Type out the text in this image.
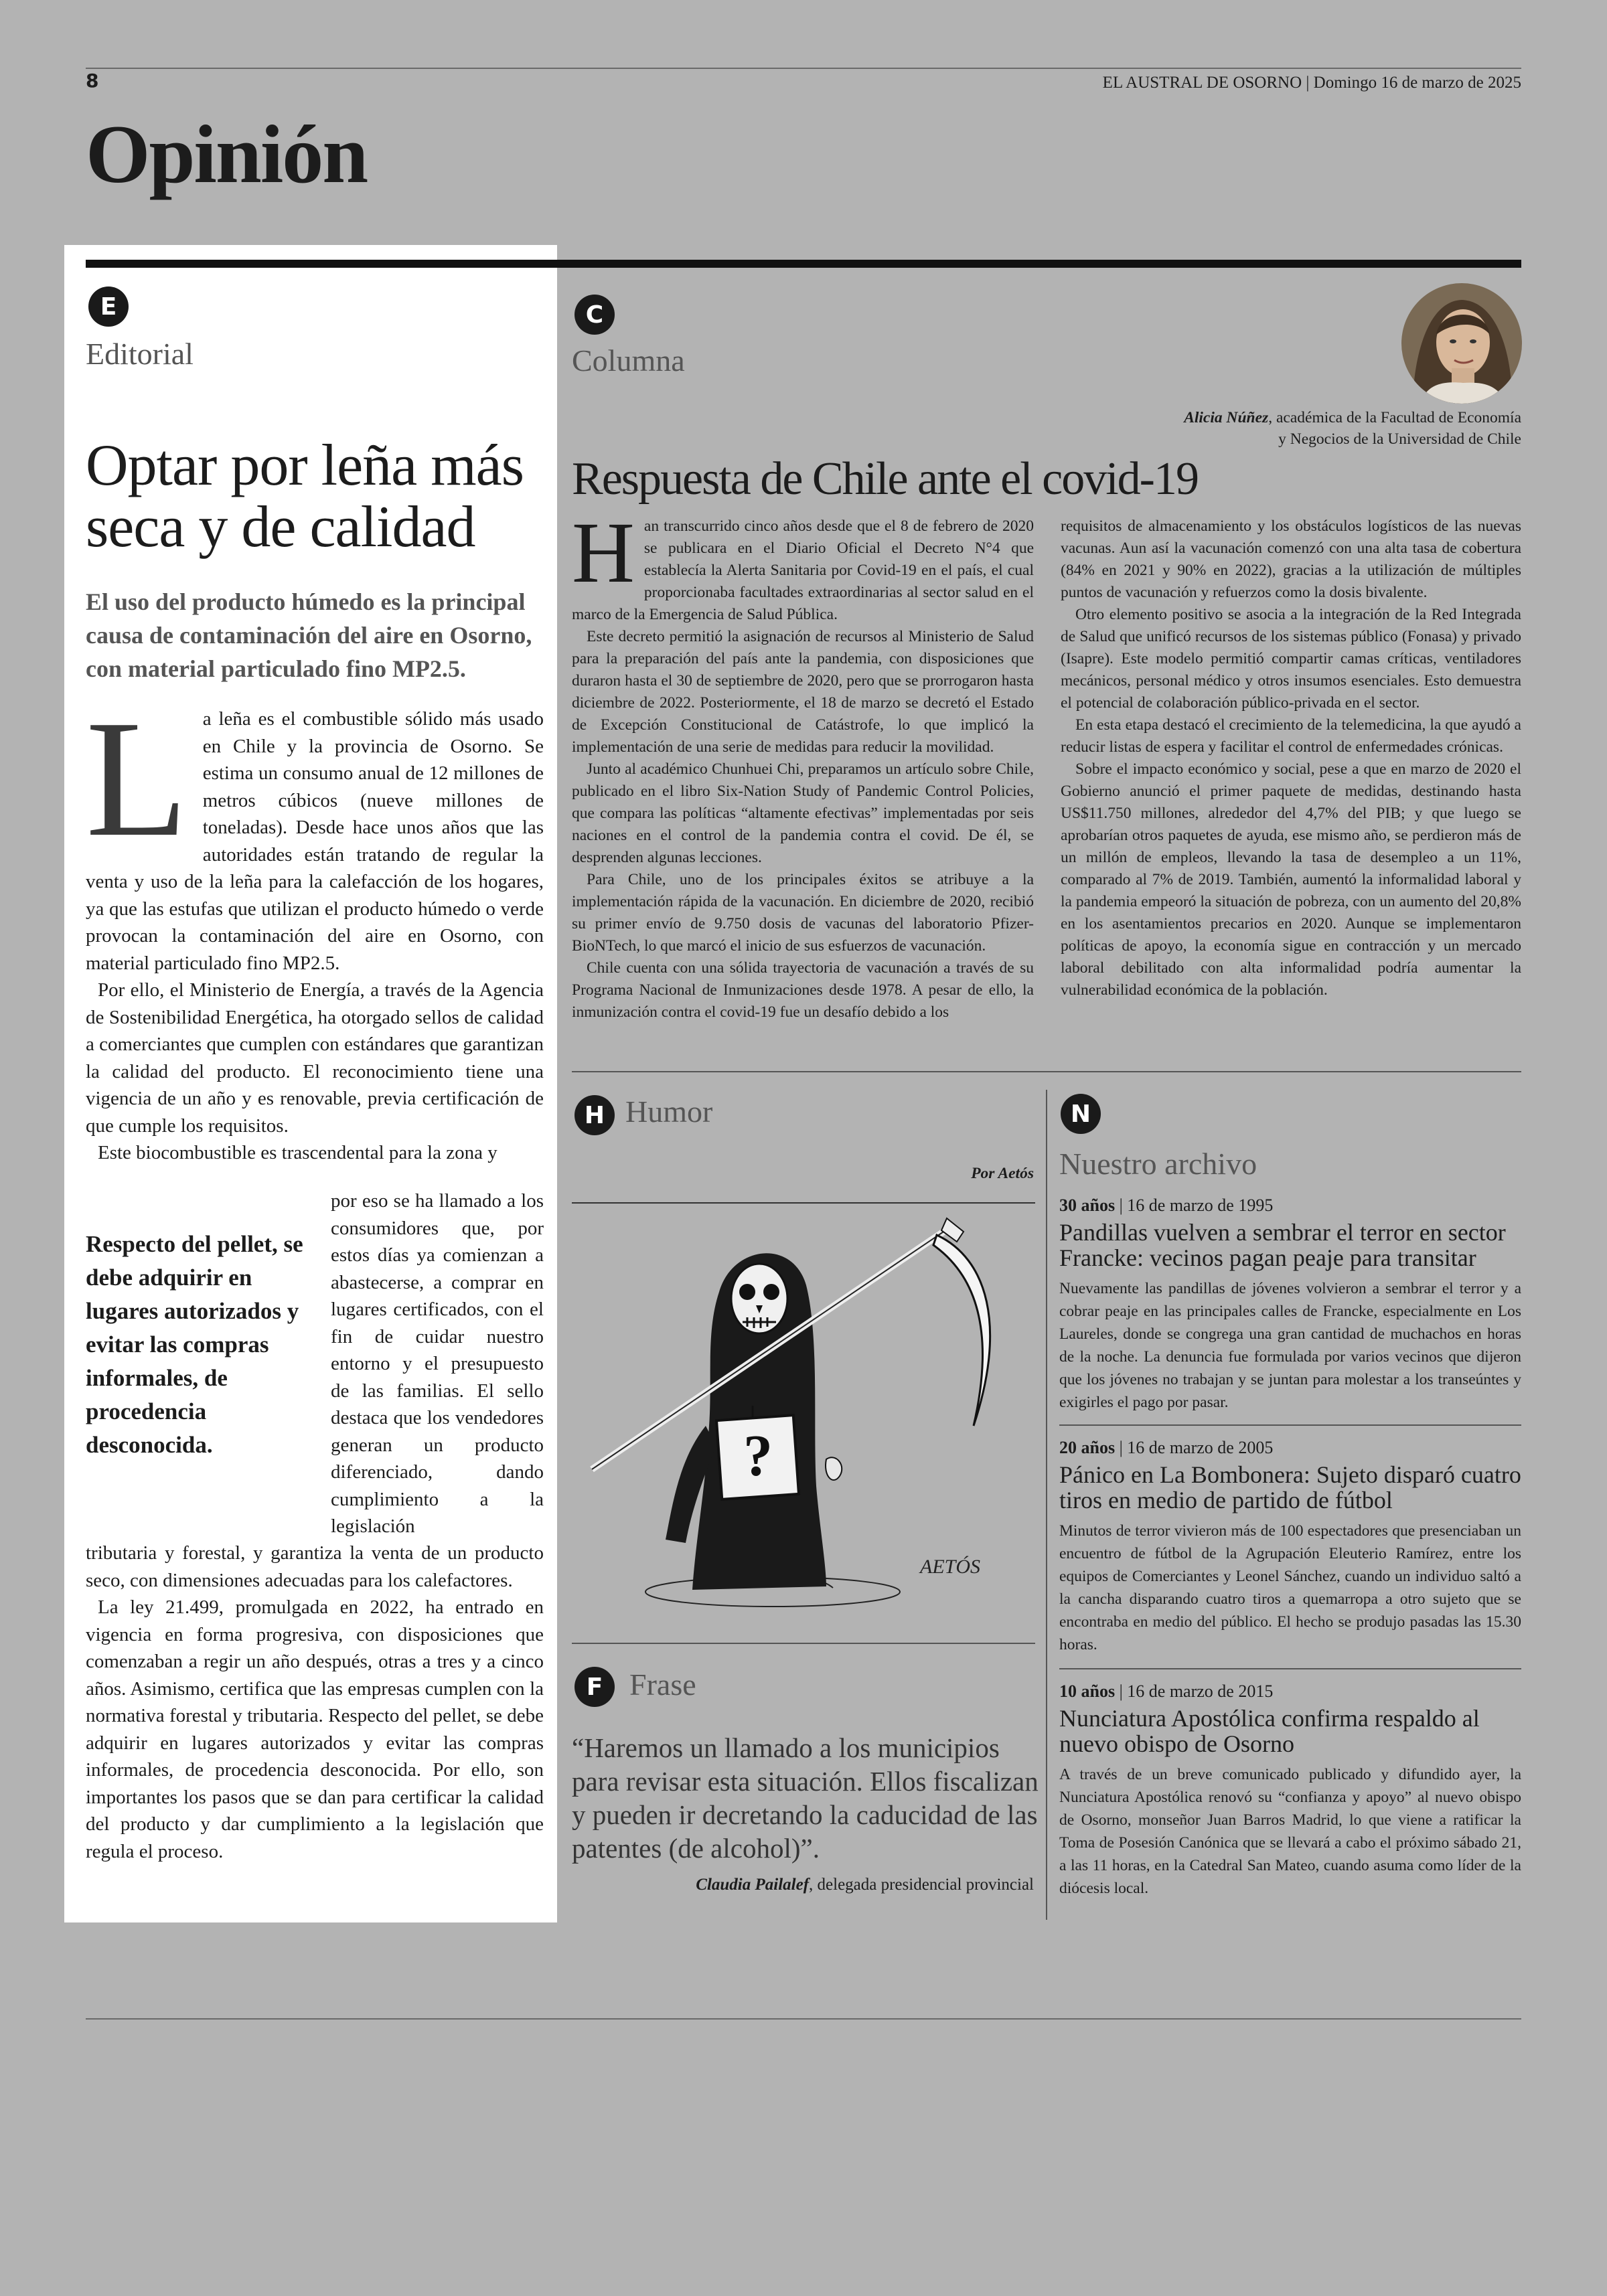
8	EL AUSTRAL DE OSORNO | Domingo 16 de marzo de 2025
Opinión
E
Editorial
Optar por leña más seca y de calidad
El uso del producto húmedo es la principal causa de contaminación del aire en Osorno, con material particulado fino MP2.5.

La leña es el combustible sólido más usado en Chile y la provincia de Osorno. Se estima un consumo anual de 12 millones de metros cúbicos (nueve millones de toneladas). Desde hace unos años que las autoridades están tratando de regular la venta y uso de la leña para la calefacción de los hogares, ya que las estufas que utilizan el producto húmedo o verde provocan la contaminación del aire en Osorno, con material particulado fino MP2.5.

Por ello, el Ministerio de Energía, a través de la Agencia de Sostenibilidad Energética, ha otorgado sellos de calidad a comerciantes que cumplen con estándares que garantizan la calidad del producto. El reconocimiento tiene una vigencia de un año y es renovable, previa certificación de que cumple los requisitos.

Este biocombustible es trascendental para la zona y

Respecto del pellet, se debe adquirir en lugares autorizados y evitar las compras informales, de procedencia desconocida.
por eso se ha llamado a los consumidores que, por estos días ya comienzan a abastecerse, a comprar en lugares certificados, con el fin de cuidar nuestro entorno y el presupuesto de las familias. El sello destaca que los vendedores generan un producto diferenciado, dando cumplimiento a la legislación

tributaria y forestal, y garantiza la venta de un producto seco, con dimensiones adecuadas para los calefactores.

La ley 21.499, promulgada en 2022, ha entrado en vigencia en forma progresiva, con disposiciones que comenzaban a regir un año después, otras a tres y a cinco años. Asimismo, certifica que las empresas cumplen con la normativa forestal y tributaria. Respecto del pellet, se debe adquirir en lugares autorizados y evitar las compras informales, de procedencia desconocida. Por ello, son importantes los pasos que se dan para certificar la calidad del producto y dar cumplimiento a la legislación que regula el proceso.

C
Columna
Alicia Núñez, académica de la Facultad de Economía
y Negocios de la Universidad de Chile
Respuesta de Chile ante el covid-19

Han transcurrido cinco años desde que el 8 de febrero de 2020 se publicara en el Diario Oficial el Decreto N°4 que establecía la Alerta Sanitaria por Covid-19 en el país, el cual proporcionaba facultades extraordinarias al sector salud en el marco de la Emergencia de Salud Pública.

Este decreto permitió la asignación de recursos al Ministerio de Salud para la preparación del país ante la pandemia, con disposiciones que duraron hasta el 30 de septiembre de 2020, pero que se prorrogaron hasta diciembre de 2022. Posteriormente, el 18 de marzo se decretó el Estado de Excepción Constitucional de Catástrofe, lo que implicó la implementación de una serie de medidas para reducir la movilidad.

Junto al académico Chunhuei Chi, preparamos un artículo sobre Chile, publicado en el libro Six-Nation Study of Pandemic Control Policies, que compara las políticas “altamente efectivas” implementadas por seis naciones en el control de la pandemia contra el covid. De él, se desprenden algunas lecciones.

Para Chile, uno de los principales éxitos se atribuye a la implementación rápida de la vacunación. En diciembre de 2020, recibió su primer envío de 9.750 dosis de vacunas del laboratorio Pfizer-BioNTech, lo que marcó el inicio de sus esfuerzos de vacunación.

Chile cuenta con una sólida trayectoria de vacunación a través de su Programa Nacional de Inmunizaciones desde 1978. A pesar de ello, la inmunización contra el covid-19 fue un desafío debido a los

requisitos de almacenamiento y los obstáculos logísticos de las nuevas vacunas. Aun así la vacunación comenzó con una alta tasa de cobertura (84% en 2021 y 90% en 2022), gracias a la utilización de múltiples puntos de vacunación y refuerzos como la dosis bivalente.

Otro elemento positivo se asocia a la integración de la Red Integrada de Salud que unificó recursos de los sistemas público (Fonasa) y privado (Isapre). Este modelo permitió compartir camas críticas, ventiladores mecánicos, personal médico y otros insumos esenciales. Esto demuestra el potencial de colaboración público-privada en el sector.

En esta etapa destacó el crecimiento de la telemedicina, la que ayudó a reducir listas de espera y facilitar el control de enfermedades crónicas.

Sobre el impacto económico y social, pese a que en marzo de 2020 el Gobierno anunció el primer paquete de medidas, destinando hasta US$11.750 millones, alrededor del 4,7% del PIB; y que luego se aprobarían otros paquetes de ayuda, ese mismo año, se perdieron más de un millón de empleos, llevando la tasa de desempleo a un 11%, comparado al 7% de 2019. También, aumentó la informalidad laboral y la pandemia empeoró la situación de pobreza, con un aumento del 20,8% en los asentamientos precarios en 2020. Aunque se implementaron políticas de apoyo, la economía sigue en contracción y un mercado laboral debilitado con alta informalidad podría aumentar la vulnerabilidad económica de la población.

H Humor
Por Aetós
?
AETÓS
F Frase
“Haremos un llamado a los municipios para revisar esta situación. Ellos fiscalizan y pueden ir decretando la caducidad de las patentes (de alcohol)”.
Claudia Pailalef, delegada presidencial provincial
N
Nuestro archivo
30 años | 16 de marzo de 1995
Pandillas vuelven a sembrar el terror en sector Francke: vecinos pagan peaje para transitar
Nuevamente las pandillas de jóvenes volvieron a sembrar el terror y a cobrar peaje en las principales calles de Francke, especialmente en Los Laureles, donde se congrega una gran cantidad de muchachos en horas de la noche. La denuncia fue formulada por varios vecinos que dijeron que los jóvenes no trabajan y se juntan para molestar a los transeúntes y exigirles el pago por pasar.
20 años | 16 de marzo de 2005
Pánico en La Bombonera: Sujeto disparó cuatro tiros en medio de partido de fútbol
Minutos de terror vivieron más de 100 espectadores que presenciaban un encuentro de fútbol de la Agrupación Eleuterio Ramírez, entre los equipos de Comerciantes y Leonel Sánchez, cuando un individuo saltó a la cancha disparando cuatro tiros a quemarropa a otro sujeto que se encontraba en medio del público. El hecho se produjo pasadas las 15.30 horas.
10 años | 16 de marzo de 2015
Nunciatura Apostólica confirma respaldo al nuevo obispo de Osorno
A través de un breve comunicado publicado y difundido ayer, la Nunciatura Apostólica renovó su “confianza y apoyo” al nuevo obispo de Osorno, monseñor Juan Barros Madrid, lo que viene a ratificar la Toma de Posesión Canónica que se llevará a cabo el próximo sábado 21, a las 11 horas, en la Catedral San Mateo, cuando asuma como líder de la diócesis local.
